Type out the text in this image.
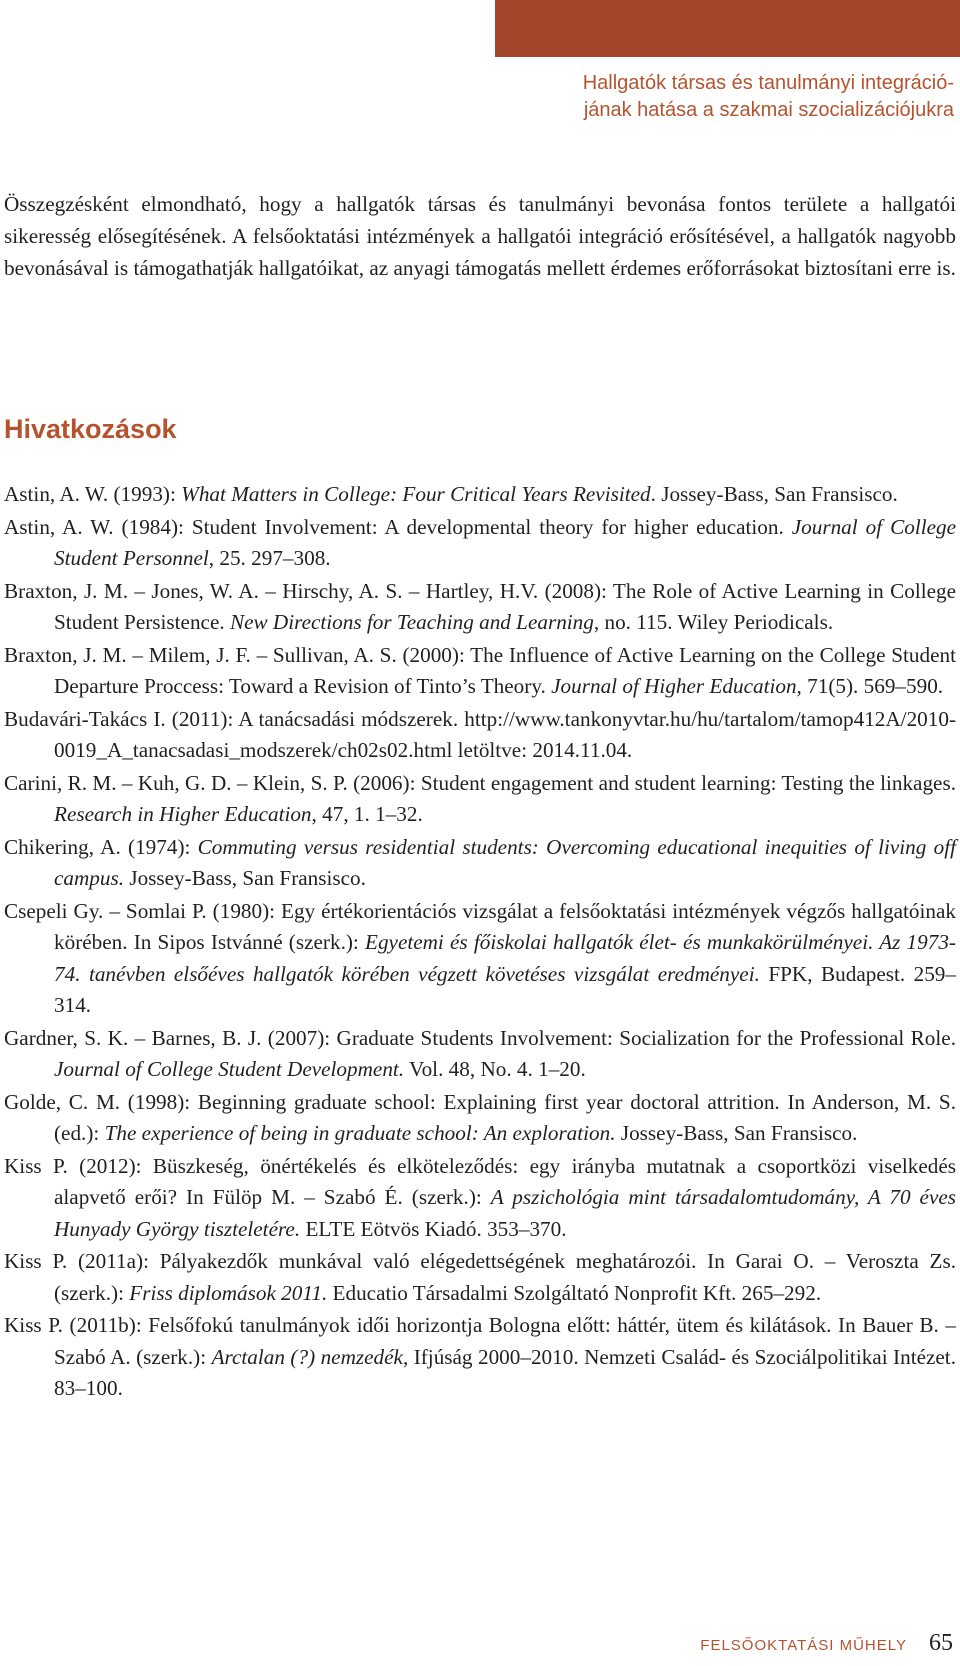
Hallgatók társas és tanulmányi integráció-
jának hatása a szakmai szocializációjukra

Összegzésként elmondható, hogy a hallgatók társas és tanulmányi bevonása fontos területe a hallgatói sikeresség elősegítésének. A felsőoktatási intézmények a hallgatói integráció erősítésével, a hallgatók nagyobb bevonásával is támogathatják hallgatóikat, az anyagi támogatás mellett érdemes erőforrásokat biztosítani erre is.

Hivatkozások
Astin, A. W. (1993): What Matters in College: Four Critical Years Revisited. Jossey-Bass, San Fransisco.
Astin, A. W. (1984): Student Involvement: A developmental theory for higher education. Journal of College Student Personnel, 25. 297–308.
Braxton, J. M. – Jones, W. A. – Hirschy, A. S. – Hartley, H.V. (2008): The Role of Active Learning in College Student Persistence. New Directions for Teaching and Learning, no. 115. Wiley Periodicals.
Braxton, J. M. – Milem, J. F. – Sullivan, A. S. (2000): The Influence of Active Learning on the College Student Departure Proccess: Toward a Revision of Tinto’s Theory. Journal of Higher Education, 71(5). 569–590.
Budavári-Takács I. (2011): A tanácsadási módszerek. http://www.tankonyvtar.hu/hu/tartalom/tamop412A/2010-0019_A_tanacsadasi_modszerek/ch02s02.html letöltve: 2014.11.04.
Carini, R. M. – Kuh, G. D. – Klein, S. P. (2006): Student engagement and student learning: Testing the linkages. Research in Higher Education, 47, 1. 1–32.
Chikering, A. (1974): Commuting versus residential students: Overcoming educational inequities of living off campus. Jossey-Bass, San Fransisco.
Csepeli Gy. – Somlai P. (1980): Egy értékorientációs vizsgálat a felsőoktatási intézmények végzős hallgatóinak körében. In Sipos Istvánné (szerk.): Egyetemi és főiskolai hallgatók élet- és munkakörülményei. Az 1973-74. tanévben elsőéves hallgatók körében végzett követéses vizsgálat eredményei. FPK, Budapest. 259–314.
Gardner, S. K. – Barnes, B. J. (2007): Graduate Students Involvement: Socialization for the Professional Role. Journal of College Student Development. Vol. 48, No. 4. 1–20.
Golde, C. M. (1998): Beginning graduate school: Explaining first year doctoral attrition. In Anderson, M. S. (ed.): The experience of being in graduate school: An exploration. Jossey-Bass, San Fransisco.
Kiss P. (2012): Büszkeség, önértékelés és elköteleződés: egy irányba mutatnak a csoportközi viselkedés alapvető erői? In Fülöp M. – Szabó É. (szerk.): A pszichológia mint társadalomtudomány, A 70 éves Hunyady György tiszteletére. ELTE Eötvös Kiadó. 353–370.
Kiss P. (2011a): Pályakezdők munkával való elégedettségének meghatározói. In Garai O. – Veroszta Zs. (szerk.): Friss diplomások 2011. Educatio Társadalmi Szolgáltató Nonprofit Kft. 265–292.
Kiss P. (2011b): Felsőfokú tanulmányok idői horizontja Bologna előtt: háttér, ütem és kilátások. In Bauer B. – Szabó A. (szerk.): Arctalan (?) nemzedék, Ifjúság 2000–2010. Nemzeti Család- és Szociálpolitikai Intézet. 83–100.
FELSŐOKTATÁSI MŰHELY 65
